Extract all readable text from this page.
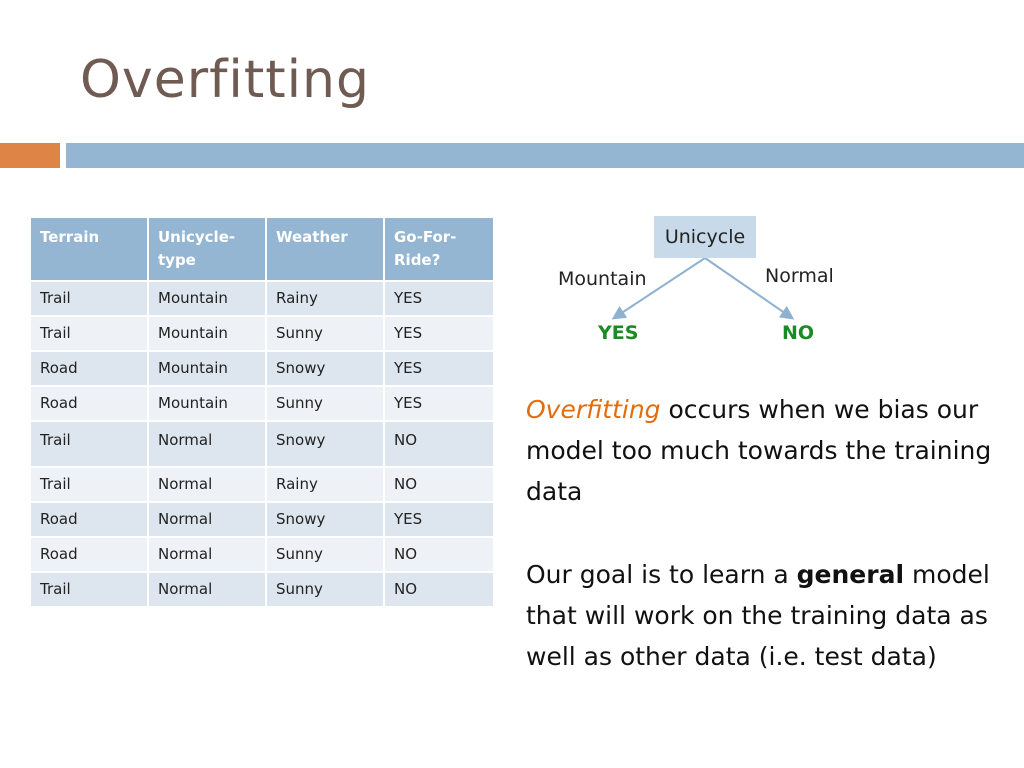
Overfitting
Terrain	Unicycle-type	Weather	Go-For-Ride?
Trail	Mountain	Rainy	YES
Trail	Mountain	Sunny	YES
Road	Mountain	Snowy	YES
Road	Mountain	Sunny	YES
Trail	Normal	Snowy	NO
Trail	Normal	Rainy	NO
Road	Normal	Snowy	YES
Road	Normal	Sunny	NO
Trail	Normal	Sunny	NO
Unicycle
Mountain	Normal
YES	NO
Overfitting occurs when we bias our model too much towards the training data
Our goal is to learn a general model that will work on the training data as well as other data (i.e. test data)
